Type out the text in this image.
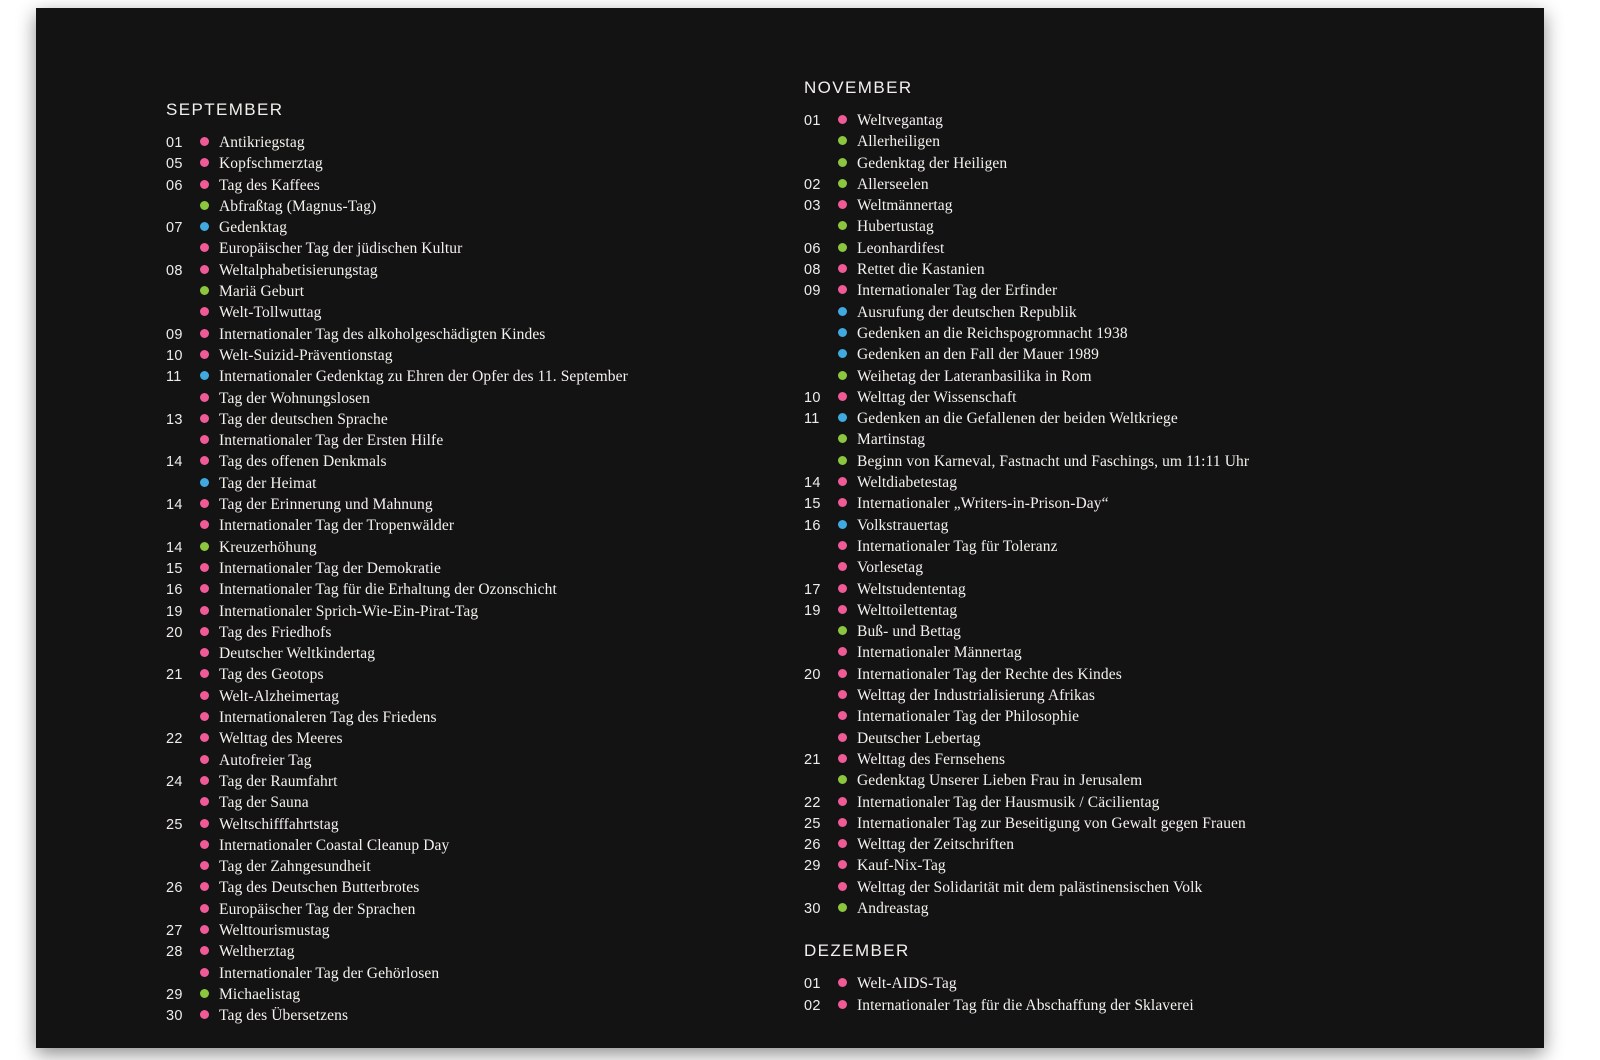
SEPTEMBER
01	Antikriegstag
05	Kopfschmerztag
06	Tag des Kaffees
Abfraßtag (Magnus-Tag)
07	Gedenktag
Europäischer Tag der jüdischen Kultur
08	Weltalphabetisierungstag
Mariä Geburt
Welt-Tollwuttag
09	Internationaler Tag des alkoholgeschädigten Kindes
10	Welt-Suizid-Präventionstag
11	Internationaler Gedenktag zu Ehren der Opfer des 11. September
Tag der Wohnungslosen
13	Tag der deutschen Sprache
Internationaler Tag der Ersten Hilfe
14	Tag des offenen Denkmals
Tag der Heimat
14	Tag der Erinnerung und Mahnung
Internationaler Tag der Tropenwälder
14	Kreuzerhöhung
15	Internationaler Tag der Demokratie
16	Internationaler Tag für die Erhaltung der Ozonschicht
19	Internationaler Sprich-Wie-Ein-Pirat-Tag
20	Tag des Friedhofs
Deutscher Weltkindertag
21	Tag des Geotops
Welt-Alzheimertag
Internationaleren Tag des Friedens
22	Welttag des Meeres
Autofreier Tag
24	Tag der Raumfahrt
Tag der Sauna
25	Weltschifffahrtstag
Internationaler Coastal Cleanup Day
Tag der Zahngesundheit
26	Tag des Deutschen Butterbrotes
Europäischer Tag der Sprachen
27	Welttourismustag
28	Weltherztag
Internationaler Tag der Gehörlosen
29	Michaelistag
30	Tag des Übersetzens
NOVEMBER
01	Weltvegantag
Allerheiligen
Gedenktag der Heiligen
02	Allerseelen
03	Weltmännertag
Hubertustag
06	Leonhardifest
08	Rettet die Kastanien
09	Internationaler Tag der Erfinder
Ausrufung der deutschen Republik
Gedenken an die Reichspogromnacht 1938
Gedenken an den Fall der Mauer 1989
Weihetag der Lateranbasilika in Rom
10	Welttag der Wissenschaft
11	Gedenken an die Gefallenen der beiden Weltkriege
Martinstag
Beginn von Karneval, Fastnacht und Faschings, um 11:11 Uhr
14	Weltdiabetestag
15	Internationaler „Writers-in-Prison-Day“
16	Volkstrauertag
Internationaler Tag für Toleranz
Vorlesetag
17	Weltstudententag
19	Welttoilettentag
Buß- und Bettag
Internationaler Männertag
20	Internationaler Tag der Rechte des Kindes
Welttag der Industrialisierung Afrikas
Internationaler Tag der Philosophie
Deutscher Lebertag
21	Welttag des Fernsehens
Gedenktag Unserer Lieben Frau in Jerusalem
22	Internationaler Tag der Hausmusik / Cäcilientag
25	Internationaler Tag zur Beseitigung von Gewalt gegen Frauen
26	Welttag der Zeitschriften
29	Kauf-Nix-Tag
Welttag der Solidarität mit dem palästinensischen Volk
30	Andreastag
DEZEMBER
01	Welt-AIDS-Tag
02	Internationaler Tag für die Abschaffung der Sklaverei
